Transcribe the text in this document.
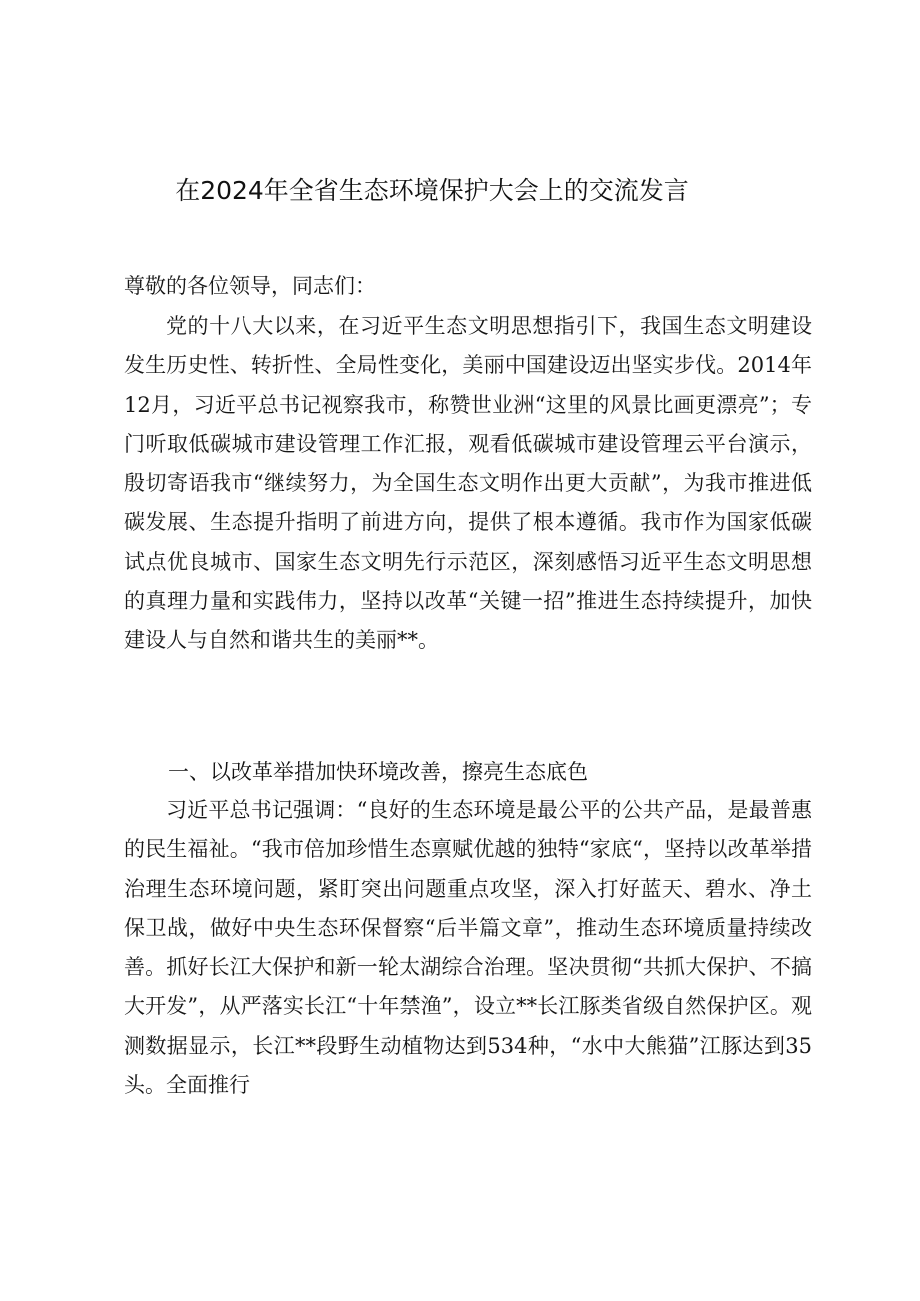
在2024年全省生态环境保护大会上的交流发言
尊敬的各位领导，同志们：

党的十八大以来，在习近平生态文明思想指引下，我国生态文明建设发生历史性、转折性、全局性变化，美丽中国建设迈出坚实步伐。2014年12月，习近平总书记视察我市，称赞世业洲“这里的风景比画更漂亮”；专门听取低碳城市建设管理工作汇报，观看低碳城市建设管理云平台演示，殷切寄语我市“继续努力，为全国生态文明作出更大贡献”，为我市推进低碳发展、生态提升指明了前进方向，提供了根本遵循。我市作为国家低碳试点优良城市、国家生态文明先行示范区，深刻感悟习近平生态文明思想的真理力量和实践伟力，坚持以改革“关键一招”推进生态持续提升，加快建设人与自然和谐共生的美丽**。

一、以改革举措加快环境改善，擦亮生态底色

习近平总书记强调：“良好的生态环境是最公平的公共产品，是最普惠的民生福祉。“我市倍加珍惜生态禀赋优越的独特“家底“，坚持以改革举措治理生态环境问题，紧盯突出问题重点攻坚，深入打好蓝天、碧水、净土保卫战，做好中央生态环保督察“后半篇文章”，推动生态环境质量持续改善。抓好长江大保护和新一轮太湖综合治理。坚决贯彻“共抓大保护、不搞大开发”，从严落实长江“十年禁渔”，设立**长江豚类省级自然保护区。观测数据显示，长江**段野生动植物达到534种，“水中大熊猫”江豚达到35头。全面推行
